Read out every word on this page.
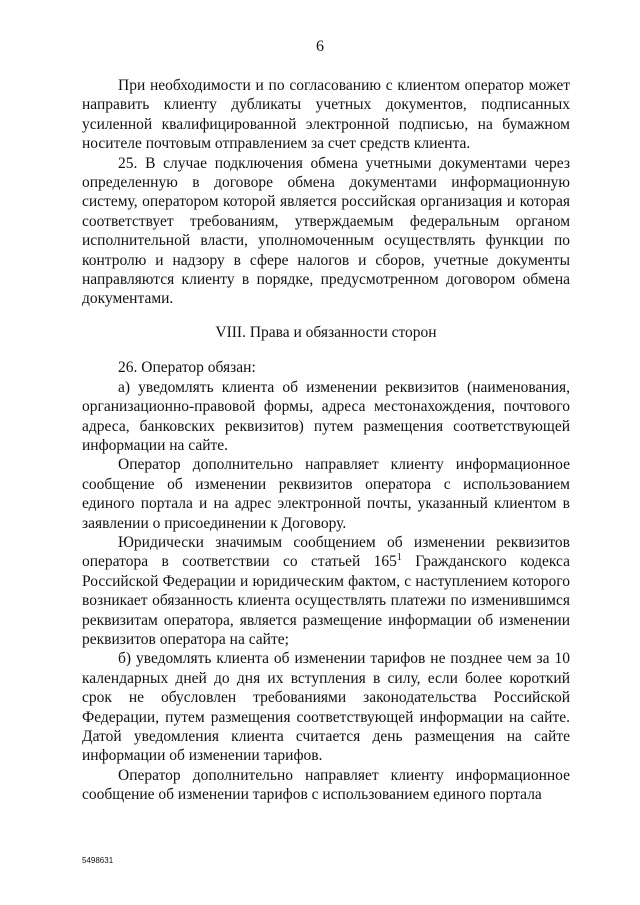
6

При необходимости и по согласованию с клиентом оператор может направить клиенту дубликаты учетных документов, подписанных усиленной квалифицированной электронной подписью, на бумажном носителе почтовым отправлением за счет средств клиента.

25. В случае подключения обмена учетными документами через определенную в договоре обмена документами информационную систему, оператором которой является российская организация и которая соответствует требованиям, утверждаемым федеральным органом исполнительной власти, уполномоченным осуществлять функции по контролю и надзору в сфере налогов и сборов, учетные документы направляются клиенту в порядке, предусмотренном договором обмена документами.

VIII. Права и обязанности сторон

26. Оператор обязан:

а) уведомлять клиента об изменении реквизитов (наименования, организационно-правовой формы, адреса местонахождения, почтового адреса, банковских реквизитов) путем размещения соответствующей информации на сайте.

Оператор дополнительно направляет клиенту информационное сообщение об изменении реквизитов оператора с использованием единого портала и на адрес электронной почты, указанный клиентом в заявлении о присоединении к Договору.

Юридически значимым сообщением об изменении реквизитов оператора в соответствии со статьей $165^1$ Гражданского кодекса Российской Федерации и юридическим фактом, с наступлением которого возникает обязанность клиента осуществлять платежи по изменившимся реквизитам оператора, является размещение информации об изменении реквизитов оператора на сайте;

б) уведомлять клиента об изменении тарифов не позднее чем за 10 календарных дней до дня их вступления в силу, если более короткий срок не обусловлен требованиями законодательства Российской Федерации, путем размещения соответствующей информации на сайте. Датой уведомления клиента считается день размещения на сайте информации об изменении тарифов.

Оператор дополнительно направляет клиенту информационное сообщение об изменении тарифов с использованием единого портала

5498631
